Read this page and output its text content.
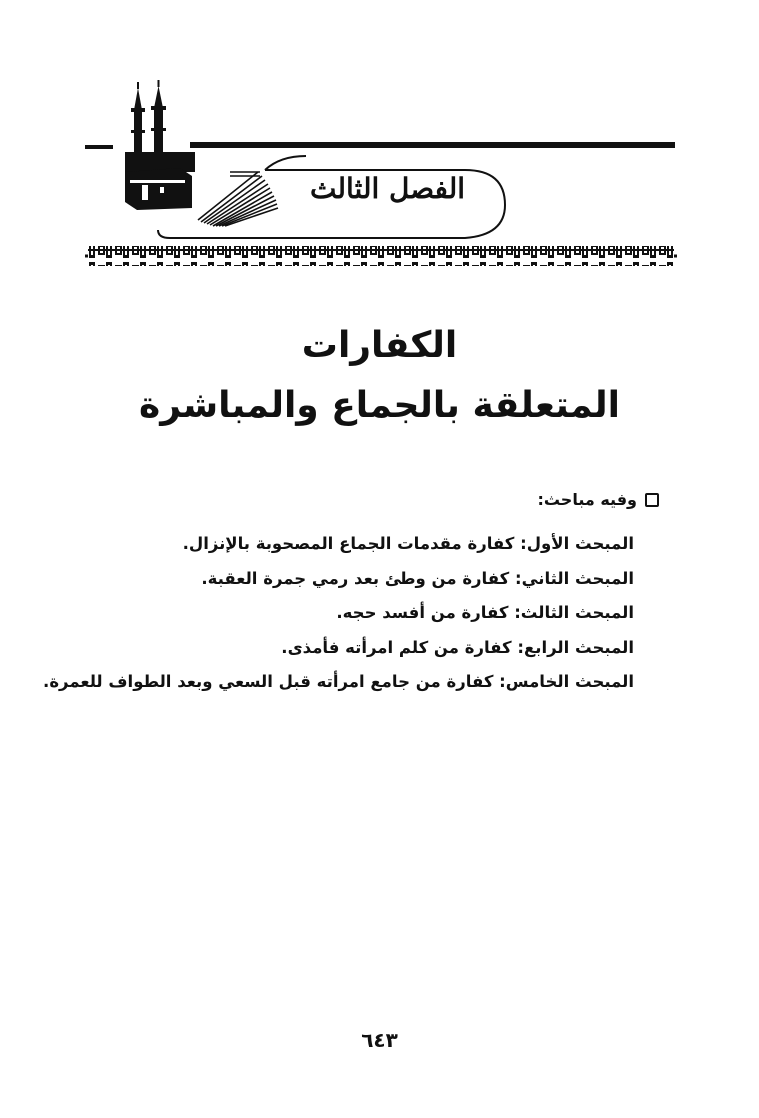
الفصل الثالث
الكفارات
المتعلقة بالجماع والمباشرة
وفيه مباحث:
المبحث الأول: كفارة مقدمات الجماع المصحوبة بالإنزال.
المبحث الثاني: كفارة من وطئ بعد رمي جمرة العقبة.
المبحث الثالث: كفارة من أفسد حجه.
المبحث الرابع: كفارة من كلم امرأته فأمذى.
المبحث الخامس: كفارة من جامع امرأته قبل السعي وبعد الطواف للعمرة.
٦٤٣
